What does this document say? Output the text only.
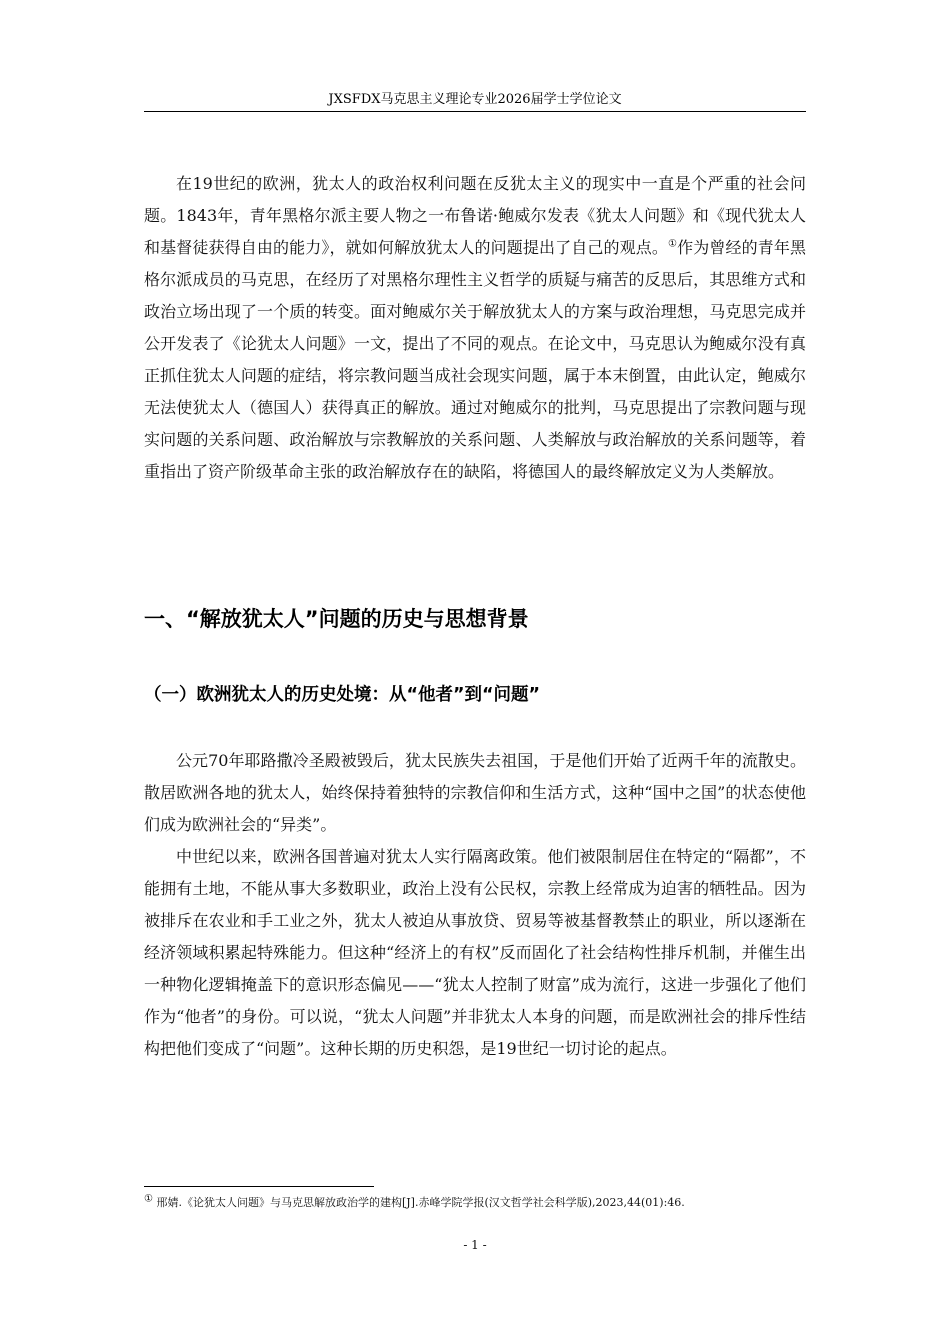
JXSFDX马克思主义理论专业2026届学士学位论文

在19世纪的欧洲，犹太人的政治权利问题在反犹太主义的现实中一直是个严重的社会问题。1843年，青年黑格尔派主要人物之一布鲁诺·鲍威尔发表《犹太人问题》和《现代犹太人和基督徒获得自由的能力》，就如何解放犹太人的问题提出了自己的观点。①作为曾经的青年黑格尔派成员的马克思，在经历了对黑格尔理性主义哲学的质疑与痛苦的反思后，其思维方式和政治立场出现了一个质的转变。面对鲍威尔关于解放犹太人的方案与政治理想，马克思完成并公开发表了《论犹太人问题》一文，提出了不同的观点。在论文中，马克思认为鲍威尔没有真正抓住犹太人问题的症结，将宗教问题当成社会现实问题，属于本末倒置，由此认定，鲍威尔无法使犹太人（德国人）获得真正的解放。通过对鲍威尔的批判，马克思提出了宗教问题与现实问题的关系问题、政治解放与宗教解放的关系问题、人类解放与政治解放的关系问题等，着重指出了资产阶级革命主张的政治解放存在的缺陷，将德国人的最终解放定义为人类解放。

一、“解放犹太人”问题的历史与思想背景
（一）欧洲犹太人的历史处境：从“他者”到“问题”

公元70年耶路撒冷圣殿被毁后，犹太民族失去祖国，于是他们开始了近两千年的流散史。散居欧洲各地的犹太人，始终保持着独特的宗教信仰和生活方式，这种“国中之国”的状态使他们成为欧洲社会的“异类”。

中世纪以来，欧洲各国普遍对犹太人实行隔离政策。他们被限制居住在特定的“隔都”，不能拥有土地，不能从事大多数职业，政治上没有公民权，宗教上经常成为迫害的牺牲品。因为被排斥在农业和手工业之外，犹太人被迫从事放贷、贸易等被基督教禁止的职业，所以逐渐在经济领域积累起特殊能力。但这种“经济上的有权”反而固化了社会结构性排斥机制，并催生出一种物化逻辑掩盖下的意识形态偏见——“犹太人控制了财富”成为流行，这进一步强化了他们作为“他者”的身份。可以说，“犹太人问题”并非犹太人本身的问题，而是欧洲社会的排斥性结构把他们变成了“问题”。这种长期的历史积怨，是19世纪一切讨论的起点。

① 邢婧.《论犹太人问题》与马克思解放政治学的建构[J].赤峰学院学报(汉文哲学社会科学版),2023,44(01):46.
- 1 -
